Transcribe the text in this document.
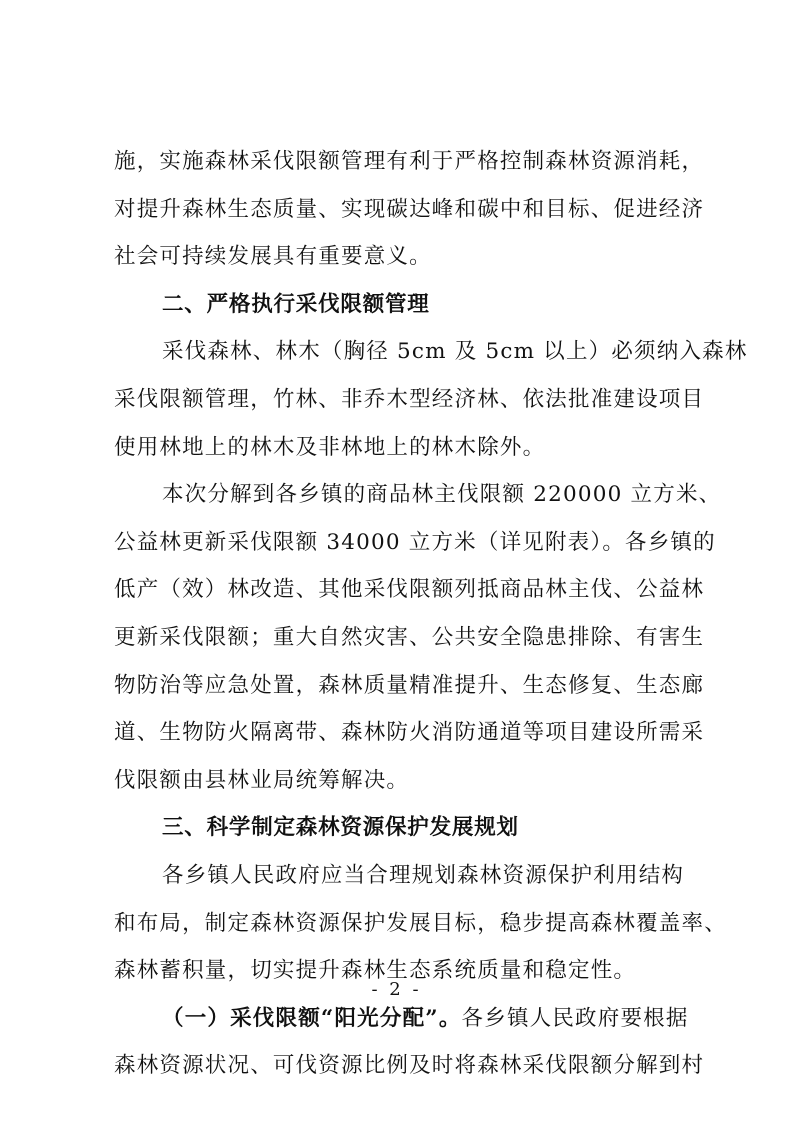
施，实施森林采伐限额管理有利于严格控制森林资源消耗，
对提升森林生态质量、实现碳达峰和碳中和目标、促进经济
社会可持续发展具有重要意义。
二、严格执行采伐限额管理
采伐森林、林木（胸径 5cm 及 5cm 以上）必须纳入森林
采伐限额管理，竹林、非乔木型经济林、依法批准建设项目
使用林地上的林木及非林地上的林木除外。
本次分解到各乡镇的商品林主伐限额 220000 立方米、
公益林更新采伐限额 34000 立方米（详见附表）。各乡镇的
低产（效）林改造、其他采伐限额列抵商品林主伐、公益林
更新采伐限额；重大自然灾害、公共安全隐患排除、有害生
物防治等应急处置，森林质量精准提升、生态修复、生态廊
道、生物防火隔离带、森林防火消防通道等项目建设所需采
伐限额由县林业局统筹解决。
三、科学制定森林资源保护发展规划
各乡镇人民政府应当合理规划森林资源保护利用结构
和布局，制定森林资源保护发展目标，稳步提高森林覆盖率、
森林蓄积量，切实提升森林生态系统质量和稳定性。
（一）采伐限额“阳光分配”。各乡镇人民政府要根据
森林资源状况、可伐资源比例及时将森林采伐限额分解到村
- 2 -
